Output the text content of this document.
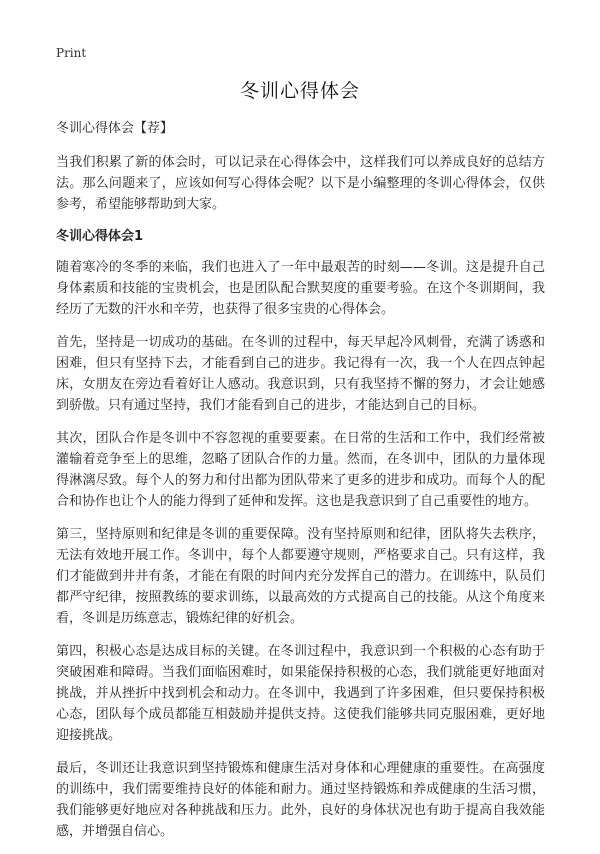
Print
冬训心得体会

冬训心得体会【荐】

当我们积累了新的体会时，可以记录在心得体会中，这样我们可以养成良好的总结方法。那么问题来了，应该如何写心得体会呢？以下是小编整理的冬训心得体会，仅供参考，希望能够帮助到大家。

冬训心得体会1

随着寒冷的冬季的来临，我们也进入了一年中最艰苦的时刻——冬训。这是提升自己身体素质和技能的宝贵机会，也是团队配合默契度的重要考验。在这个冬训期间，我经历了无数的汗水和辛劳，也获得了很多宝贵的心得体会。

首先，坚持是一切成功的基础。在冬训的过程中，每天早起冷风刺骨，充满了诱惑和困难，但只有坚持下去，才能看到自己的进步。我记得有一次，我一个人在四点钟起床，女朋友在旁边看着好让人感动。我意识到，只有我坚持不懈的努力，才会让她感到骄傲。只有通过坚持，我们才能看到自己的进步，才能达到自己的目标。

其次，团队合作是冬训中不容忽视的重要要素。在日常的生活和工作中，我们经常被灌输着竞争至上的思维，忽略了团队合作的力量。然而，在冬训中，团队的力量体现得淋漓尽致。每个人的努力和付出都为团队带来了更多的进步和成功。而每个人的配合和协作也让个人的能力得到了延伸和发挥。这也是我意识到了自己重要性的地方。

第三，坚持原则和纪律是冬训的重要保障。没有坚持原则和纪律，团队将失去秩序，无法有效地开展工作。冬训中，每个人都要遵守规则，严格要求自己。只有这样，我们才能做到井井有条，才能在有限的时间内充分发挥自己的潜力。在训练中，队员们都严守纪律，按照教练的要求训练，以最高效的方式提高自己的技能。从这个角度来看，冬训是历练意志，锻炼纪律的好机会。

第四，积极心态是达成目标的关键。在冬训过程中，我意识到一个积极的心态有助于突破困难和障碍。当我们面临困难时，如果能保持积极的心态，我们就能更好地面对挑战，并从挫折中找到机会和动力。在冬训中，我遇到了许多困难，但只要保持积极心态，团队每个成员都能互相鼓励并提供支持。这使我们能够共同克服困难，更好地迎接挑战。

最后，冬训还让我意识到坚持锻炼和健康生活对身体和心理健康的重要性。在高强度的训练中，我们需要维持良好的体能和耐力。通过坚持锻炼和养成健康的生活习惯，我们能够更好地应对各种挑战和压力。此外，良好的身体状况也有助于提高自我效能感，并增强自信心。
